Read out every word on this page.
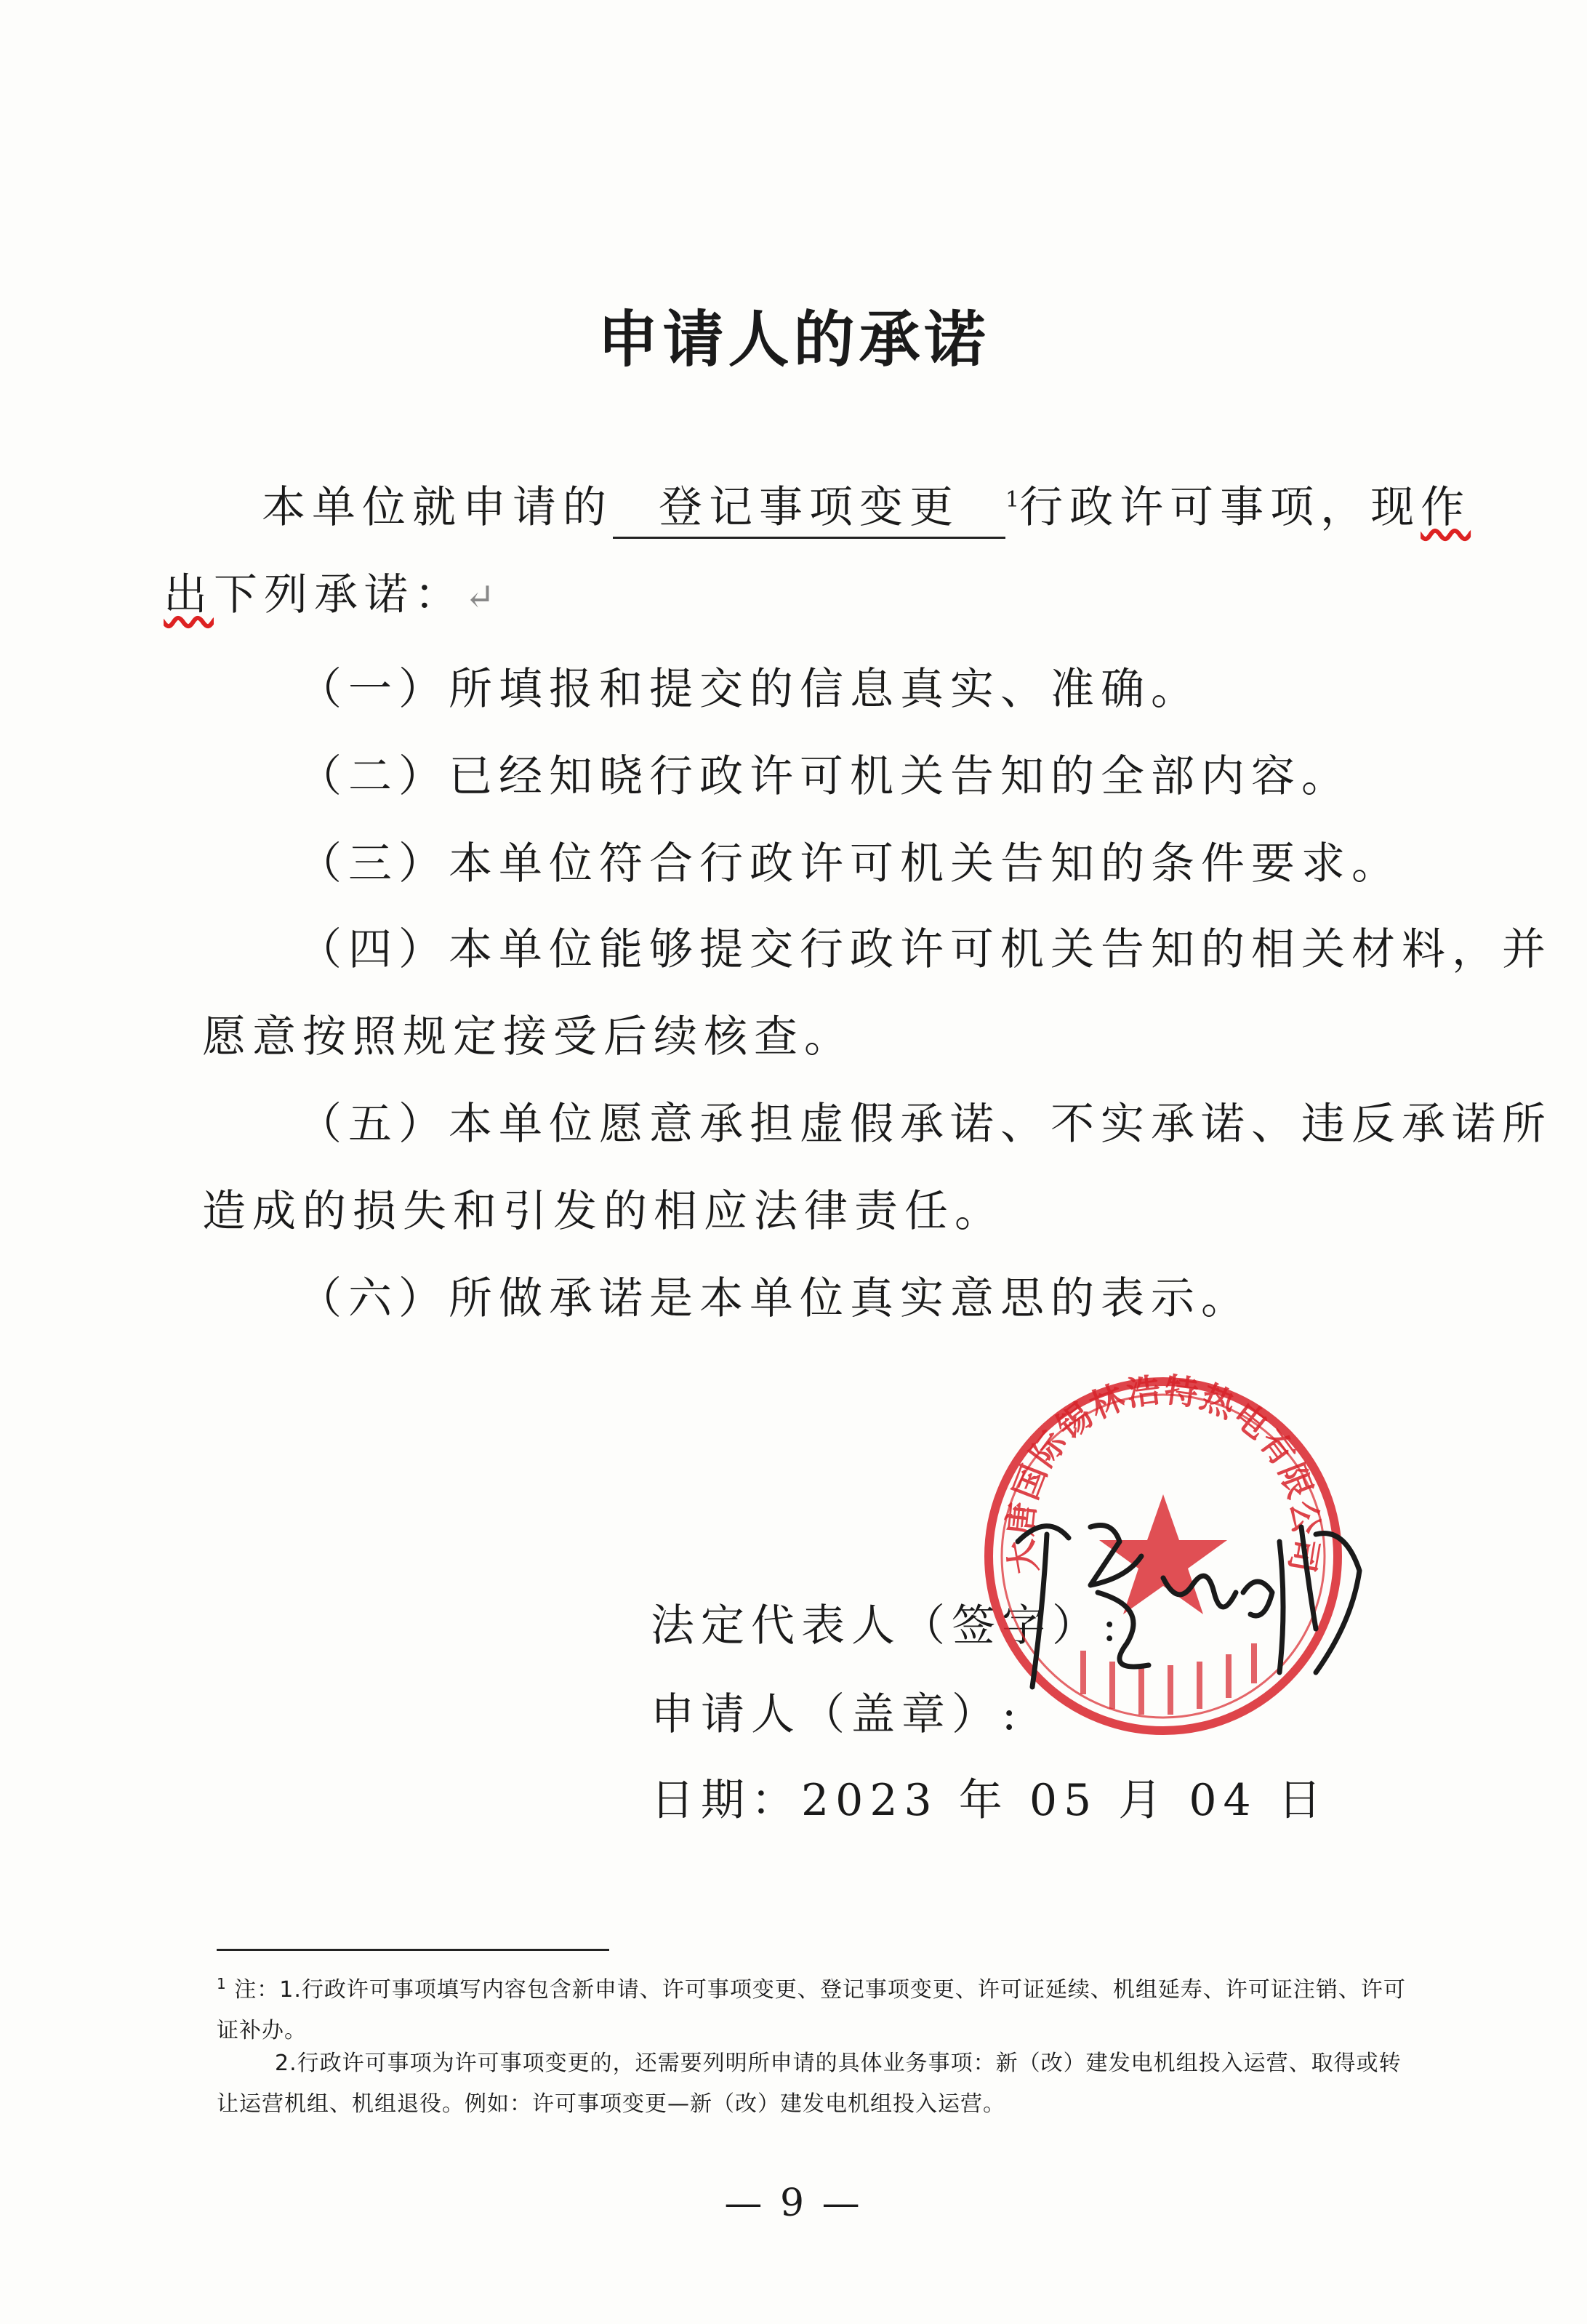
申请人的承诺
本单位就申请的 登记事项变更 $^1$行政许可事项，现作
出下列承诺：↵
（一）所填报和提交的信息真实、准确。
（二）已经知晓行政许可机关告知的全部内容。
（三）本单位符合行政许可机关告知的条件要求。
（四）本单位能够提交行政许可机关告知的相关材料，并
愿意按照规定接受后续核查。
（五）本单位愿意承担虚假承诺、不实承诺、违反承诺所
造成的损失和引发的相应法律责任。
（六）所做承诺是本单位真实意思的表示。
法定代表人（签字）:
申请人（盖章）:
日期：2023 年 05 月 04 日
大唐国际锡林浩特热电有限公司
$^1$ 注：1.行政许可事项填写内容包含新申请、许可事项变更、登记事项变更、许可证延续、机组延寿、许可证注销、许可证补办。
2.行政许可事项为许可事项变更的，还需要列明所申请的具体业务事项：新（改）建发电机组投入运营、取得或转让运营机组、机组退役。例如：许可事项变更—新（改）建发电机组投入运营。
— 9 —
